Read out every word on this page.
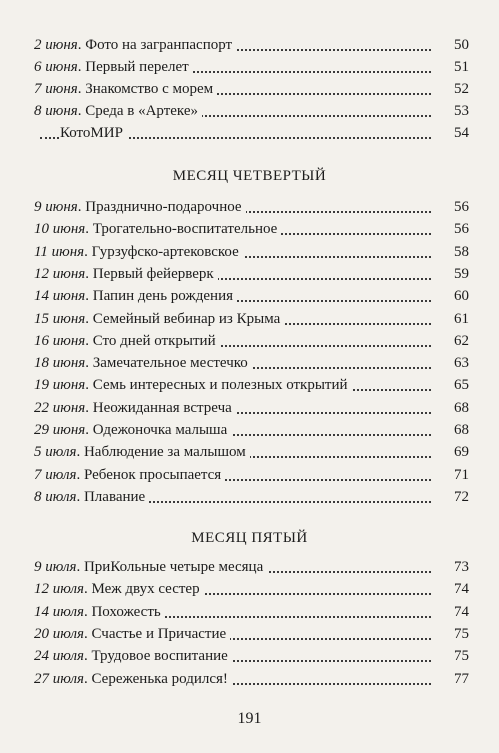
2 июня. Фото на загранпаспорт	50
6 июня. Первый перелет	51
7 июня. Знакомство с морем	52
8 июня. Среда в «Артеке»	53
КотоМИР	54
МЕСЯЦ ЧЕТВЕРТЫЙ
9 июня. Празднично-подарочное	56
10 июня. Трогательно-воспитательное	56
11 июня. Гурзуфско-артековское	58
12 июня. Первый фейерверк	59
14 июня. Папин день рождения	60
15 июня. Семейный вебинар из Крыма	61
16 июня. Сто дней открытий	62
18 июня. Замечательное местечко	63
19 июня. Семь интересных и полезных открытий	65
22 июня. Неожиданная встреча	68
29 июня. Одежоночка малыша	68
5 июля. Наблюдение за малышом	69
7 июля. Ребенок просыпается	71
8 июля. Плавание	72
МЕСЯЦ ПЯТЫЙ
9 июля. ПриКольные четыре месяца	73
12 июля. Меж двух сестер	74
14 июля. Похожесть	74
20 июля. Счастье и Причастие	75
24 июля. Трудовое воспитание	75
27 июля. Сереженька родился!	77
191
